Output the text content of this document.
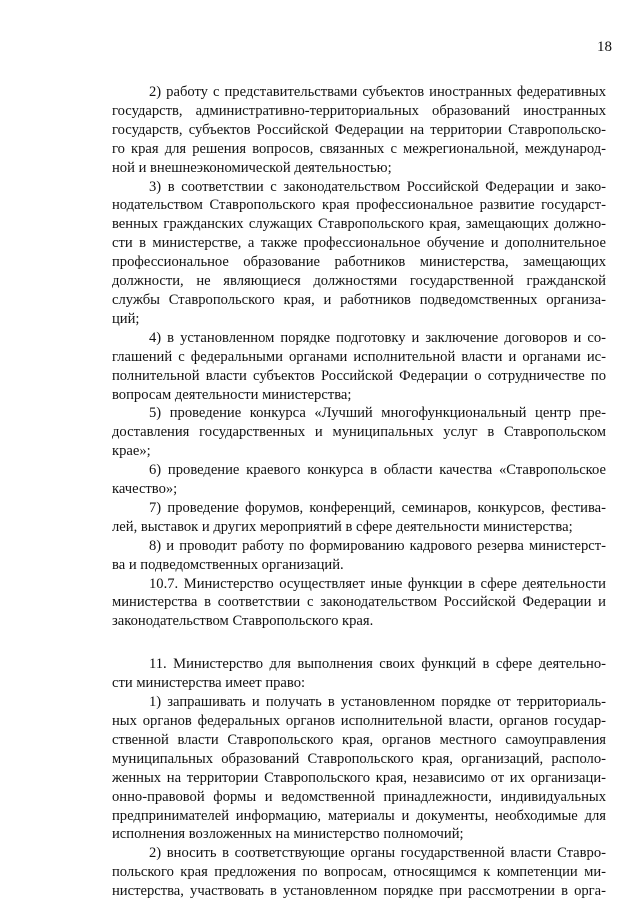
18

2) работу с представительствами субъектов иностранных федеративных
государств, административно-территориальных образований иностранных
государств, субъектов Российской Федерации на территории Ставропольско-
го края для решения вопросов, связанных с межрегиональной, международ-
ной и внешнеэкономической деятельностью;

3) в соответствии с законодательством Российской Федерации и зако-
нодательством Ставропольского края профессиональное развитие государст-
венных гражданских служащих Ставропольского края, замещающих должно-
сти в министерстве, а также профессиональное обучение и дополнительное
профессиональное образование работников министерства, замещающих
должности, не являющиеся должностями государственной гражданской
службы Ставропольского края, и работников подведомственных организа-
ций;

4) в установленном порядке подготовку и заключение договоров и со-
глашений с федеральными органами исполнительной власти и органами ис-
полнительной власти субъектов Российской Федерации о сотрудничестве по
вопросам деятельности министерства;

5) проведение конкурса «Лучший многофункциональный центр пре-
доставления государственных и муниципальных услуг в Ставропольском
крае»;

6) проведение краевого конкурса в области качества «Ставропольское
качество»;

7) проведение форумов, конференций, семинаров, конкурсов, фестива-
лей, выставок и других мероприятий в сфере деятельности министерства;

8) и проводит работу по формированию кадрового резерва министерст-
ва и подведомственных организаций.

10.7. Министерство осуществляет иные функции в сфере деятельности
министерства в соответствии с законодательством Российской Федерации и
законодательством Ставропольского края.

11. Министерство для выполнения своих функций в сфере деятельно-
сти министерства имеет право:

1) запрашивать и получать в установленном порядке от территориаль-
ных органов федеральных органов исполнительной власти, органов государ-
ственной власти Ставропольского края, органов местного самоуправления
муниципальных образований Ставропольского края, организаций, располо-
женных на территории Ставропольского края, независимо от их организаци-
онно-правовой формы и ведомственной принадлежности, индивидуальных
предпринимателей информацию, материалы и документы, необходимые для
исполнения возложенных на министерство полномочий;

2) вносить в соответствующие органы государственной власти Ставро-
польского края предложения по вопросам, относящимся к компетенции ми-
нистерства, участвовать в установленном порядке при рассмотрении в орга-
